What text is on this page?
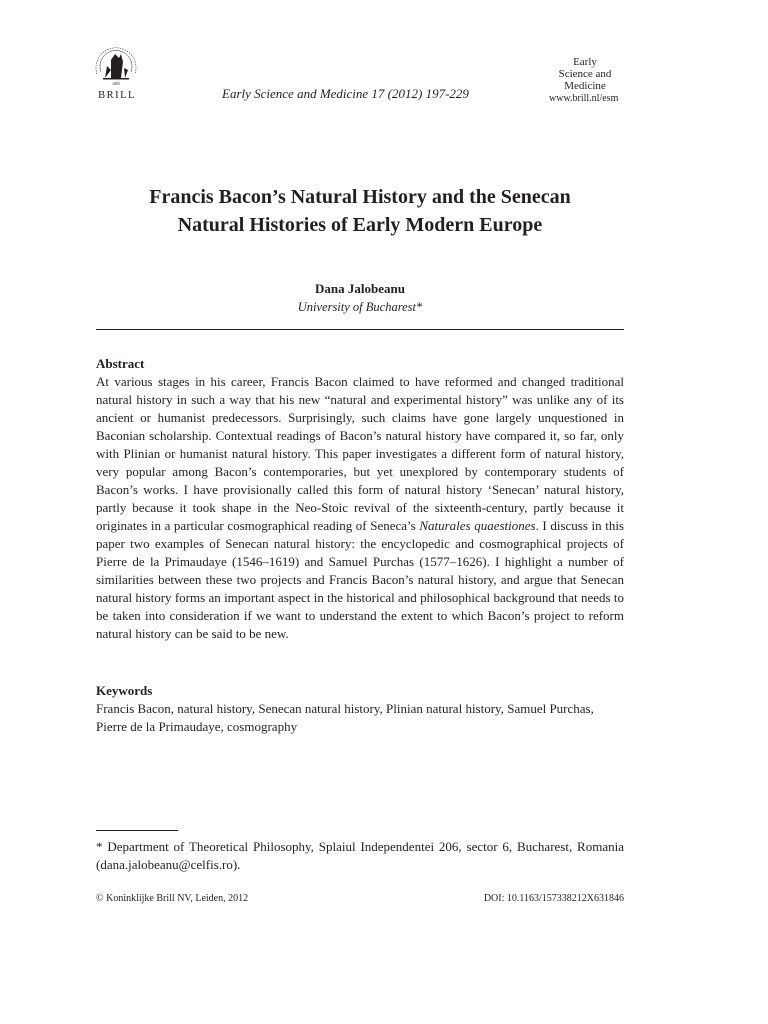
1683
BRILL	Early Science and Medicine 17 (2012) 197-229
Early
Science and
Medicine
www.brill.nl/esm
Francis Bacon’s Natural History and the Senecan
Natural Histories of Early Modern Europe
Dana Jalobeanu
University of Bucharest*
Abstract
At various stages in his career, Francis Bacon claimed to have reformed and changed traditional natural history in such a way that his new “natural and experimental history” was unlike any of its ancient or humanist predecessors. Surprisingly, such claims have gone largely unquestioned in Baconian scholarship. Contextual readings of Bacon’s natural history have compared it, so far, only with Plinian or humanist natural history. This paper investigates a different form of natural history, very popular among Bacon’s contemporaries, but yet unexplored by contemporary students of Bacon’s works. I have provisionally called this form of natural history ‘Senecan’ natural history, partly because it took shape in the Neo-Stoic revival of the sixteenth-century, partly because it originates in a particular cosmographical reading of Seneca’s Naturales quaestiones. I discuss in this paper two examples of Senecan natural history: the encyclopedic and cosmographical projects of Pierre de la Primaudaye (1546–1619) and Samuel Purchas (1577–1626). I highlight a number of similarities between these two projects and Francis Bacon’s natural history, and argue that Senecan natural history forms an important aspect in the historical and philosophical background that needs to be taken into consideration if we want to understand the extent to which Bacon’s project to reform natural history can be said to be new.
Keywords
Francis Bacon, natural history, Senecan natural history, Plinian natural history, Samuel Purchas, Pierre de la Primaudaye, cosmography
* Department of Theoretical Philosophy, Splaiul Independentei 206, sector 6, Bucharest, Romania (dana.jalobeanu@celfis.ro).
© Koninklijke Brill NV, Leiden, 2012	DOI: 10.1163/157338212X631846
